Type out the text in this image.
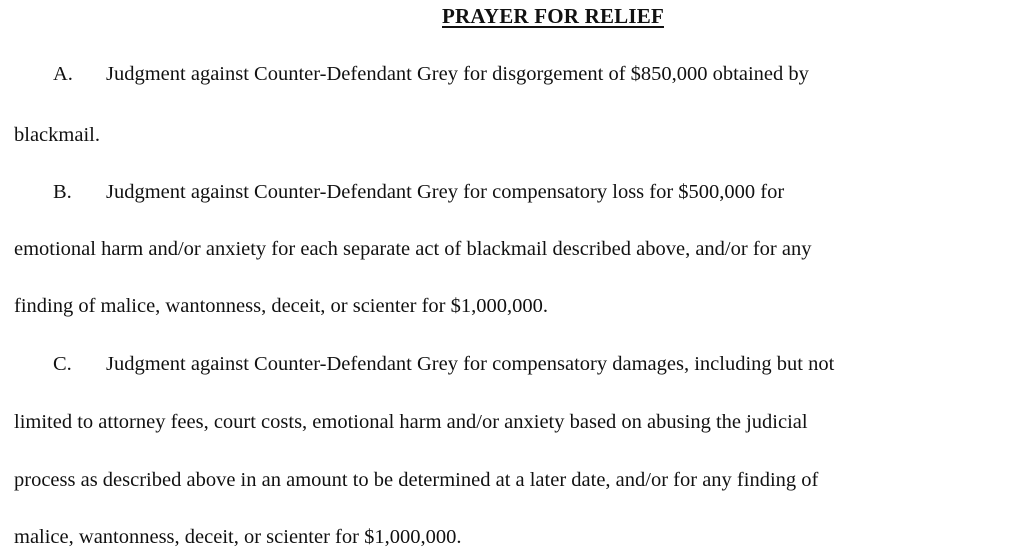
PRAYER FOR RELIEF
A. Judgment against Counter-Defendant Grey for disgorgement of $850,000 obtained by
blackmail.
B. Judgment against Counter-Defendant Grey for compensatory loss for $500,000 for
emotional harm and/or anxiety for each separate act of blackmail described above, and/or for any
finding of malice, wantonness, deceit, or scienter for $1,000,000.
C. Judgment against Counter-Defendant Grey for compensatory damages, including but not
limited to attorney fees, court costs, emotional harm and/or anxiety based on abusing the judicial
process as described above in an amount to be determined at a later date, and/or for any finding of
malice, wantonness, deceit, or scienter for $1,000,000.
